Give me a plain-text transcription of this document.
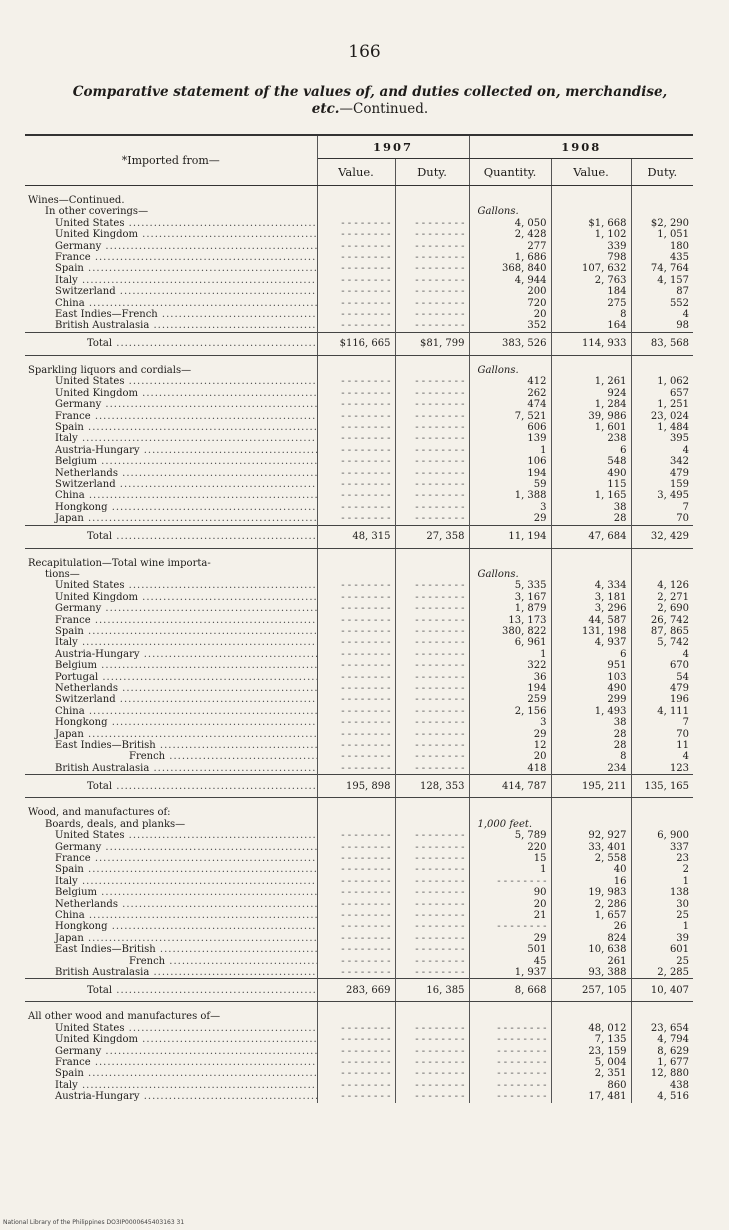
166
Comparative statement of the values of, and duties collected on, merchandise,
etc.—Continued.
*Imported from—	1907		1908		
	Value.	Duty.	Quantity.	Value.	Duty.

Wines—Continued.					
In other coverings—			Gallons.		
United States .....	- - - - - - - -	- - - - - - - -	4, 050	$1, 668	$2, 290
United Kingdom .....	- - - - - - - -	- - - - - - - -	2, 428	1, 102	1, 051
Germany .....	- - - - - - - -	- - - - - - - -	277	339	180
France .....	- - - - - - - -	- - - - - - - -	1, 686	798	435
Spain .....	- - - - - - - -	- - - - - - - -	368, 840	107, 632	74, 764
Italy .....	- - - - - - - -	- - - - - - - -	4, 944	2, 763	4, 157
Switzerland .....	- - - - - - - -	- - - - - - - -	200	184	87
China .....	- - - - - - - -	- - - - - - - -	720	275	552
East Indies—French .....	- - - - - - - -	- - - - - - - -	20	8	4
British Australasia .....	- - - - - - - -	- - - - - - - -	352	164	98
Total .....	$116, 665	$81, 799	383, 526	114, 933	83, 568

Sparkling liquors and cordials—			Gallons.		
United States .....	- - - - - - - -	- - - - - - - -	412	1, 261	1, 062
United Kingdom .....	- - - - - - - -	- - - - - - - -	262	924	657
Germany .....	- - - - - - - -	- - - - - - - -	474	1, 284	1, 251
France .....	- - - - - - - -	- - - - - - - -	7, 521	39, 986	23, 024
Spain .....	- - - - - - - -	- - - - - - - -	606	1, 601	1, 484
Italy .....	- - - - - - - -	- - - - - - - -	139	238	395
Austria-Hungary .....	- - - - - - - -	- - - - - - - -	1	6	4
Belgium .....	- - - - - - - -	- - - - - - - -	106	548	342
Netherlands .....	- - - - - - - -	- - - - - - - -	194	490	479
Switzerland .....	- - - - - - - -	- - - - - - - -	59	115	159
China .....	- - - - - - - -	- - - - - - - -	1, 388	1, 165	3, 495
Hongkong .....	- - - - - - - -	- - - - - - - -	3	38	7
Japan .....	- - - - - - - -	- - - - - - - -	29	28	70
Total .....	48, 315	27, 358	11, 194	47, 684	32, 429

Recapitulation—Total wine importa-					
tions—			Gallons.		
United States .....	- - - - - - - -	- - - - - - - -	5, 335	4, 334	4, 126
United Kingdom .....	- - - - - - - -	- - - - - - - -	3, 167	3, 181	2, 271
Germany .....	- - - - - - - -	- - - - - - - -	1, 879	3, 296	2, 690
France .....	- - - - - - - -	- - - - - - - -	13, 173	44, 587	26, 742
Spain .....	- - - - - - - -	- - - - - - - -	380, 822	131, 198	87, 865
Italy .....	- - - - - - - -	- - - - - - - -	6, 961	4, 937	5, 742
Austria-Hungary .....	- - - - - - - -	- - - - - - - -	1	6	4
Belgium .....	- - - - - - - -	- - - - - - - -	322	951	670
Portugal .....	- - - - - - - -	- - - - - - - -	36	103	54
Netherlands .....	- - - - - - - -	- - - - - - - -	194	490	479
Switzerland .....	- - - - - - - -	- - - - - - - -	259	299	196
China .....	- - - - - - - -	- - - - - - - -	2, 156	1, 493	4, 111
Hongkong .....	- - - - - - - -	- - - - - - - -	3	38	7
Japan .....	- - - - - - - -	- - - - - - - -	29	28	70
East Indies—British .....	- - - - - - - -	- - - - - - - -	12	28	11
French .....	- - - - - - - -	- - - - - - - -	20	8	4
British Australasia .....	- - - - - - - -	- - - - - - - -	418	234	123
Total .....	195, 898	128, 353	414, 787	195, 211	135, 165

Wood, and manufactures of:					
Boards, deals, and planks—			1,000 feet.		
United States .....	- - - - - - - -	- - - - - - - -	5, 789	92, 927	6, 900
Germany .....	- - - - - - - -	- - - - - - - -	220	33, 401	337
France .....	- - - - - - - -	- - - - - - - -	15	2, 558	23
Spain .....	- - - - - - - -	- - - - - - - -	1	40	2
Italy .....	- - - - - - - -	- - - - - - - -	- - - - - - - -	16	1
Belgium .....	- - - - - - - -	- - - - - - - -	90	19, 983	138
Netherlands .....	- - - - - - - -	- - - - - - - -	20	2, 286	30
China .....	- - - - - - - -	- - - - - - - -	21	1, 657	25
Hongkong .....	- - - - - - - -	- - - - - - - -	- - - - - - - -	26	1
Japan .....	- - - - - - - -	- - - - - - - -	29	824	39
East Indies—British .....	- - - - - - - -	- - - - - - - -	501	10, 638	601
French .....	- - - - - - - -	- - - - - - - -	45	261	25
British Australasia .....	- - - - - - - -	- - - - - - - -	1, 937	93, 388	2, 285
Total .....	283, 669	16, 385	8, 668	257, 105	10, 407

All other wood and manufactures of—					
United States .....	- - - - - - - -	- - - - - - - -	- - - - - - - -	48, 012	23, 654
United Kingdom .....	- - - - - - - -	- - - - - - - -	- - - - - - - -	7, 135	4, 794
Germany .....	- - - - - - - -	- - - - - - - -	- - - - - - - -	23, 159	8, 629
France .....	- - - - - - - -	- - - - - - - -	- - - - - - - -	5, 004	1, 677
Spain .....	- - - - - - - -	- - - - - - - -	- - - - - - - -	2, 351	12, 880
Italy .....	- - - - - - - -	- - - - - - - -	- - - - - - - -	860	438
Austria-Hungary .....	- - - - - - - -	- - - - - - - -	- - - - - - - -	17, 481	4, 516
National Library of the Philippines DO3IP0000645403163 31
